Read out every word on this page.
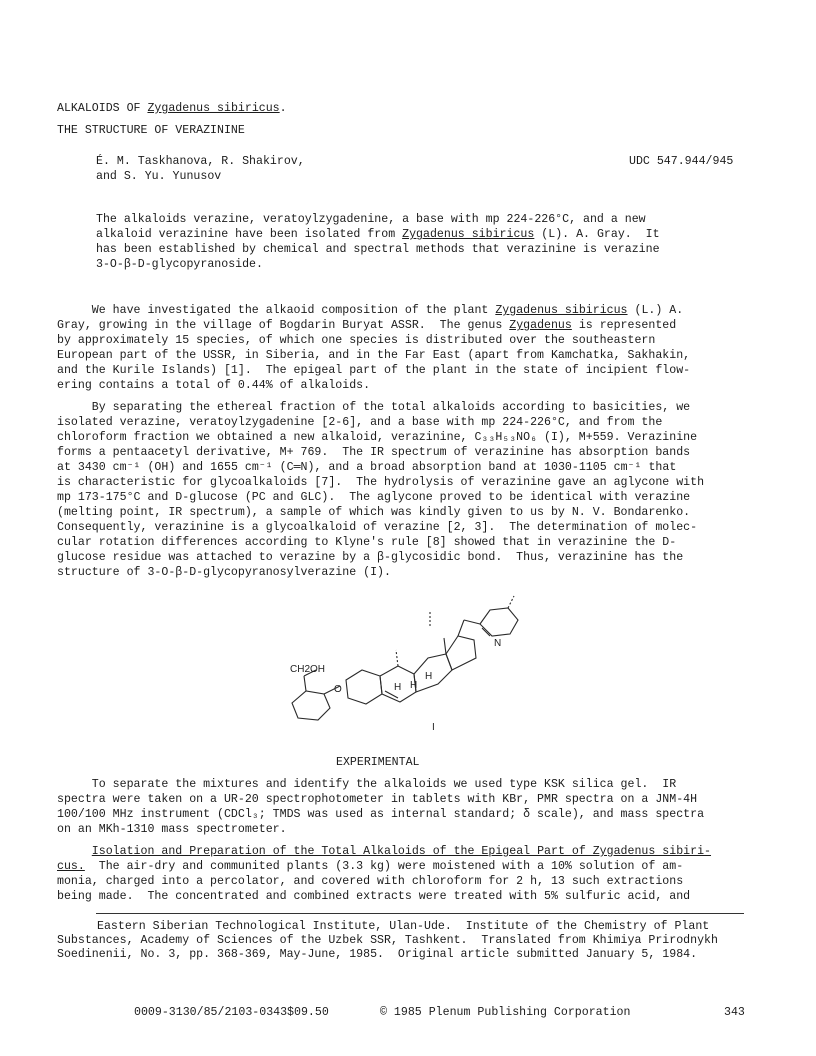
ALKALOIDS OF Zygadenus sibiricus.
THE STRUCTURE OF VERAZININE
É. M. Taskhanova, R. Shakirov,
and S. Yu. Yunusov
UDC 547.944/945
The alkaloids verazine, veratoylzygadenine, a base with mp 224-226°C, and a new
alkaloid verazinine have been isolated from Zygadenus sibiricus (L). A. Gray.  It
has been established by chemical and spectral methods that verazinine is verazine
3-O-β-D-glycopyranoside.
We have investigated the alkaoid composition of the plant Zygadenus sibiricus (L.) A.
Gray, growing in the village of Bogdarin Buryat ASSR.  The genus Zygadenus is represented
by approximately 15 species, of which one species is distributed over the southeastern
European part of the USSR, in Siberia, and in the Far East (apart from Kamchatka, Sakhakin,
and the Kurile Islands) [1].  The epigeal part of the plant in the state of incipient flow-
ering contains a total of 0.44% of alkaloids.
By separating the ethereal fraction of the total alkaloids according to basicities, we
isolated verazine, veratoylzygadenine [2-6], and a base with mp 224-226°C, and from the
chloroform fraction we obtained a new alkaloid, verazinine, C₃₃H₅₃NO₆ (I), M+559. Verazinine
forms a pentaacetyl derivative, M+ 769.  The IR spectrum of verazinine has absorption bands
at 3430 cm⁻¹ (OH) and 1655 cm⁻¹ (C═N), and a broad absorption band at 1030-1105 cm⁻¹ that
is characteristic for glycoalkaloids [7].  The hydrolysis of verazinine gave an aglycone with
mp 173-175°C and D-glucose (PC and GLC).  The aglycone proved to be identical with verazine
(melting point, IR spectrum), a sample of which was kindly given to us by N. V. Bondarenko.
Consequently, verazinine is a glycoalkaloid of verazine [2, 3].  The determination of molec-
cular rotation differences according to Klyne's rule [8] showed that in verazinine the D-
glucose residue was attached to verazine by a β-glycosidic bond.  Thus, verazinine has the
structure of 3-O-β-D-glycopyranosylverazine (I).
CH2OH
O	H
H
H
N
I
EXPERIMENTAL
To separate the mixtures and identify the alkaloids we used type KSK silica gel.  IR
spectra were taken on a UR-20 spectrophotometer in tablets with KBr, PMR spectra on a JNM-4H
100/100 MHz instrument (CDCl₃; TMDS was used as internal standard; δ scale), and mass spectra
on an MKh-1310 mass spectrometer.
Isolation and Preparation of the Total Alkaloids of the Epigeal Part of Zygadenus sibiri-
cus.  The air-dry and communited plants (3.3 kg) were moistened with a 10% solution of am-
monia, charged into a percolator, and covered with chloroform for 2 h, 13 such extractions
being made.  The concentrated and combined extracts were treated with 5% sulfuric acid, and
Eastern Siberian Technological Institute, Ulan-Ude.  Institute of the Chemistry of Plant
Substances, Academy of Sciences of the Uzbek SSR, Tashkent.  Translated from Khimiya Prirodnykh
Soedinenii, No. 3, pp. 368-369, May-June, 1985.  Original article submitted January 5, 1984.
0009-3130/85/2103-0343$09.50	© 1985 Plenum Publishing Corporation	343
